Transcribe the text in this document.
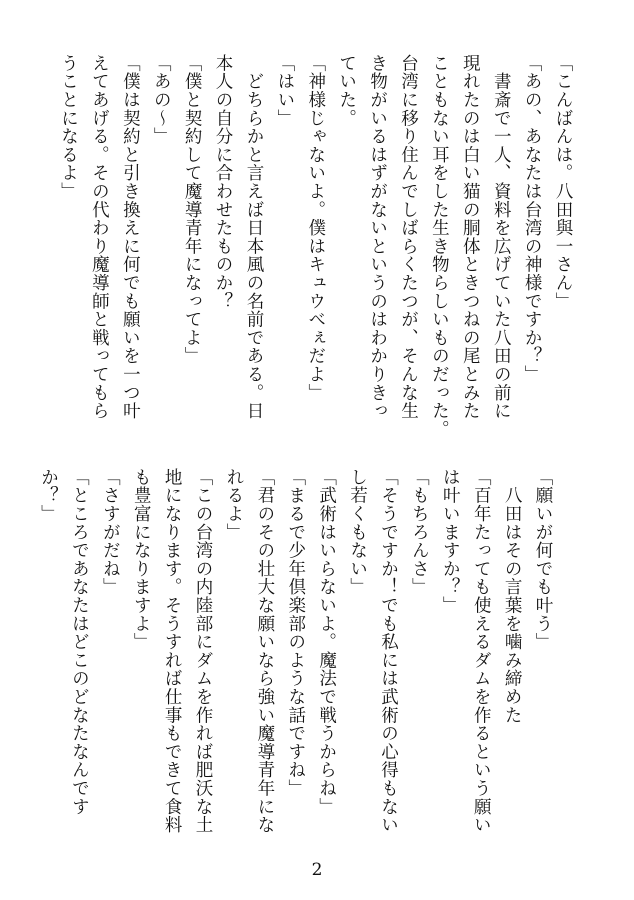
「こんばんは。八田與一さん」
「あの、あなたは台湾の神様ですか？」
　書斎で一人、資料を広げていた八田の前に
現れたのは白い猫の胴体ときつねの尾とみた
こともない耳をした生き物らしいものだった。
台湾に移り住んでしばらくたつが、そんな生
き物がいるはずがないというのはわかりきっ
ていた。
「神様じゃないよ。僕はキュウべぇだよ」
「はい」
　どちらかと言えば日本風の名前である。日
本人の自分に合わせたものか？
「僕と契約して魔導青年になってよ」
「あの～」
「僕は契約と引き換えに何でも願いを一つ叶
えてあげる。その代わり魔導師と戦ってもら
うことになるよ」
「願いが何でも叶う」
　八田はその言葉を噛み締めた
「百年たっても使えるダムを作るという願い
は叶いますか？」
「もちろんさ」
「そうですか！でも私には武術の心得もない
し若くもない」
「武術はいらないよ。魔法で戦うからね」
「まるで少年倶楽部のような話ですね」
「君のその壮大な願いなら強い魔導青年にな
れるよ」
「この台湾の内陸部にダムを作れば肥沃な土
地になります。そうすれば仕事もできて食料
も豊富になりますよ」
「さすがだね」
「ところであなたはどこのどなたなんです
か？」
2
